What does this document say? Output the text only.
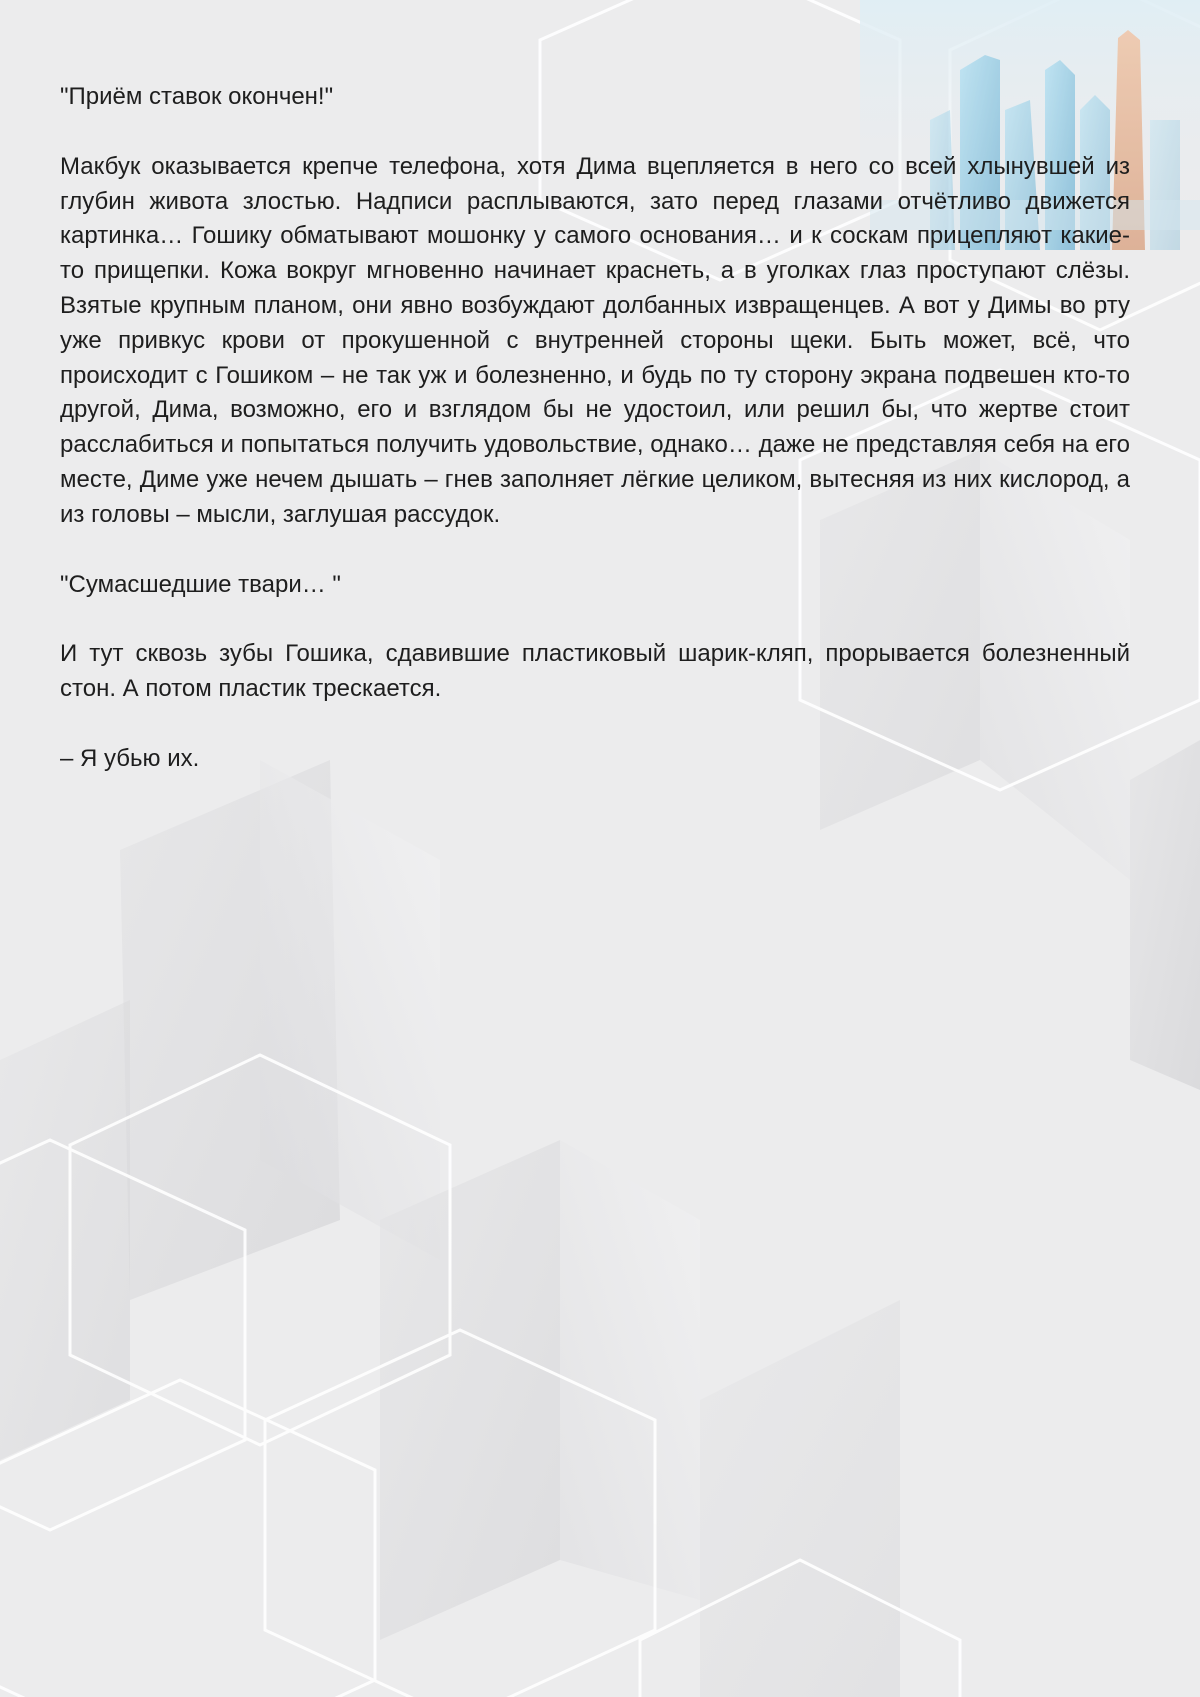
"Приём ставок окончен!"

Макбук оказывается крепче телефона, хотя Дима вцепляется в него со всей хлынувшей из глубин живота злостью. Надписи расплываются, зато перед глазами отчётливо движется картинка… Гошику обматывают мошонку у самого основания… и к соскам прицепляют какие-то прищепки. Кожа вокруг мгновенно начинает краснеть, а в уголках глаз проступают слёзы. Взятые крупным планом, они явно возбуждают долбанных извращенцев. А вот у Димы во рту уже привкус крови от прокушенной с внутренней стороны щеки. Быть может, всё, что происходит с Гошиком – не так уж и болезненно, и будь по ту сторону экрана подвешен кто-то другой, Дима, возможно, его и взглядом бы не удостоил, или решил бы, что жертве стоит расслабиться и попытаться получить удовольствие, однако… даже не представляя себя на его месте, Диме уже нечем дышать – гнев заполняет лёгкие целиком, вытесняя из них кислород, а из головы – мысли, заглушая рассудок.

"Сумасшедшие твари… "

И тут сквозь зубы Гошика, сдавившие пластиковый шарик-кляп, прорывается болезненный стон. А потом пластик трескается.

– Я убью их.
